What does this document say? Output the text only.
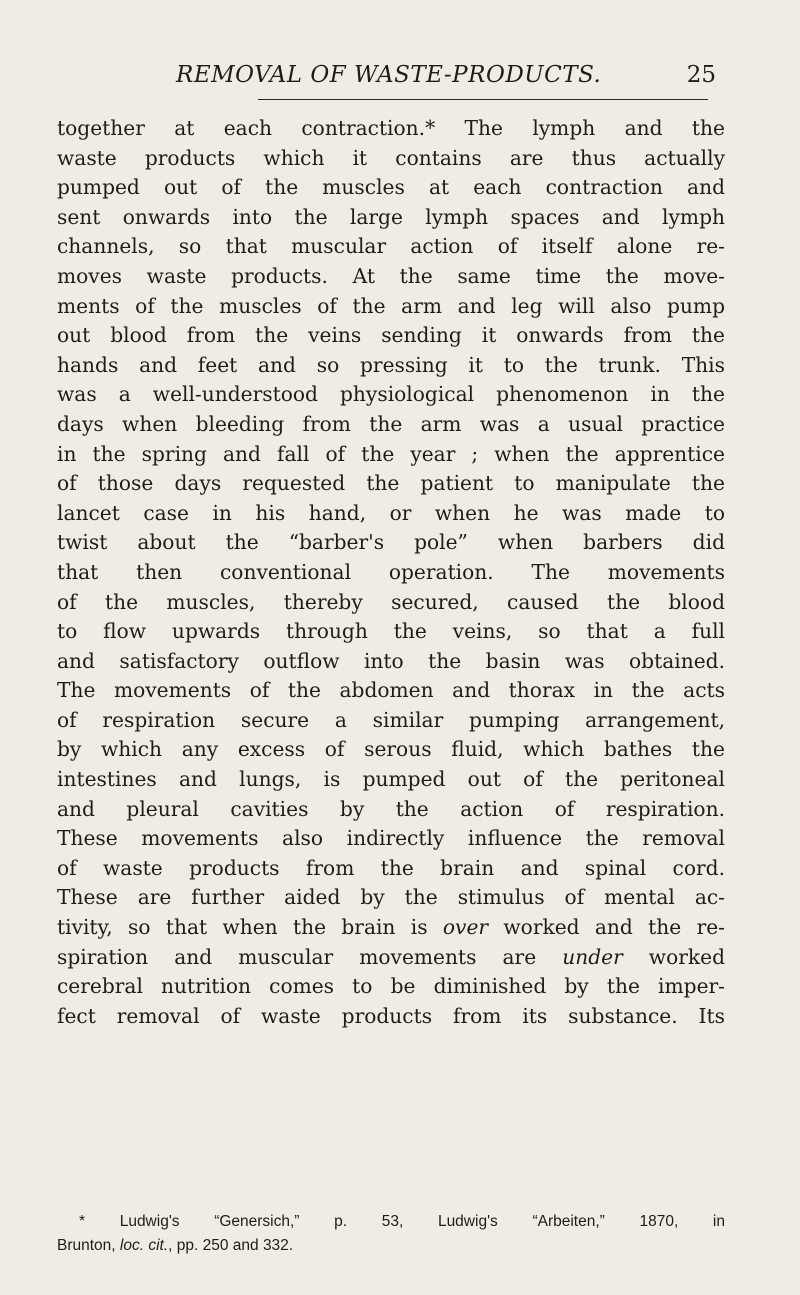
REMOVAL OF WASTE-PRODUCTS.	25
together at each contraction.* The lymph and the
waste products which it contains are thus actually
pumped out of the muscles at each contraction and
sent onwards into the large lymph spaces and lymph
channels, so that muscular action of itself alone re-
moves waste products. At the same time the move-
ments of the muscles of the arm and leg will also pump
out blood from the veins sending it onwards from the
hands and feet and so pressing it to the trunk. This
was a well-understood physiological phenomenon in the
days when bleeding from the arm was a usual practice
in the spring and fall of the year ; when the apprentice
of those days requested the patient to manipulate the
lancet case in his hand, or when he was made to
twist about the “barber's pole” when barbers did
that then conventional operation. The movements
of the muscles, thereby secured, caused the blood
to flow upwards through the veins, so that a full
and satisfactory outflow into the basin was obtained.
The movements of the abdomen and thorax in the acts
of respiration secure a similar pumping arrangement,
by which any excess of serous fluid, which bathes the
intestines and lungs, is pumped out of the peritoneal
and pleural cavities by the action of respiration.
These movements also indirectly influence the removal
of waste products from the brain and spinal cord.
These are further aided by the stimulus of mental ac-
tivity, so that when the brain is over worked and the re-
spiration and muscular movements are under worked
cerebral nutrition comes to be diminished by the imper-
fect removal of waste products from its substance. Its
* Ludwig's “Genersich,” p. 53, Ludwig's “Arbeiten,” 1870, in
Brunton, loc. cit., pp. 250 and 332.
